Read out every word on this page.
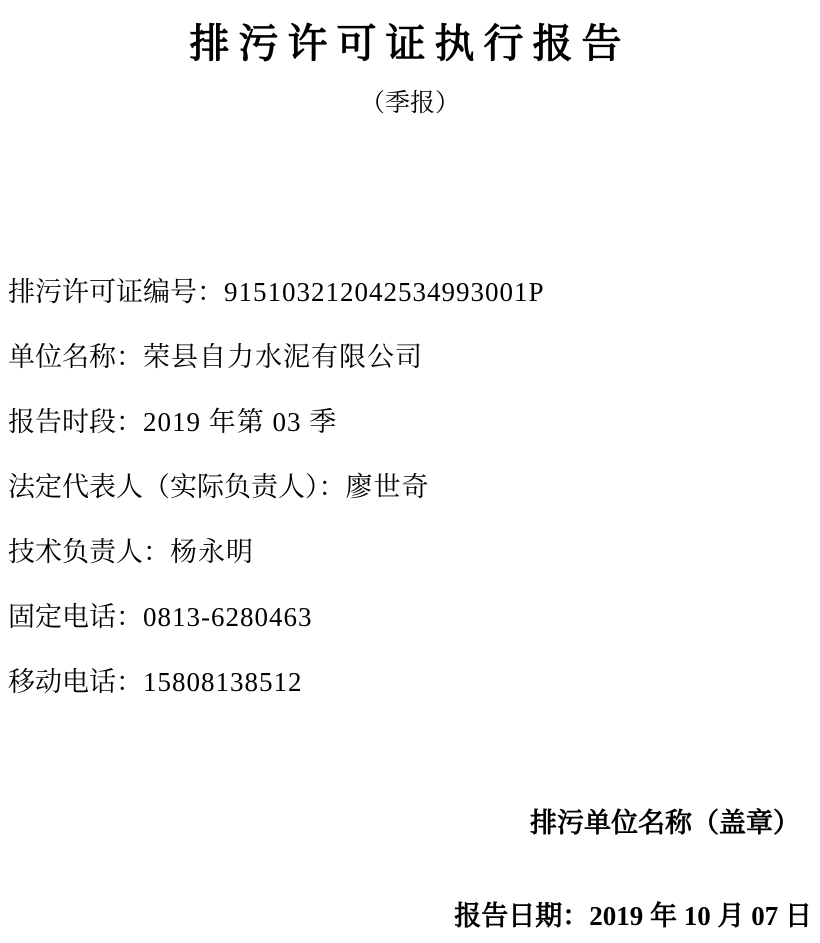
排污许可证执行报告
（季报）
排污许可证编号：915103212042534993001P
单位名称：荣县自力水泥有限公司
报告时段：2019 年第 03 季
法定代表人（实际负责人）：廖世奇
技术负责人：杨永明
固定电话：0813-6280463
移动电话：15808138512
排污单位名称（盖章）
报告日期：2019 年 10 月 07 日
